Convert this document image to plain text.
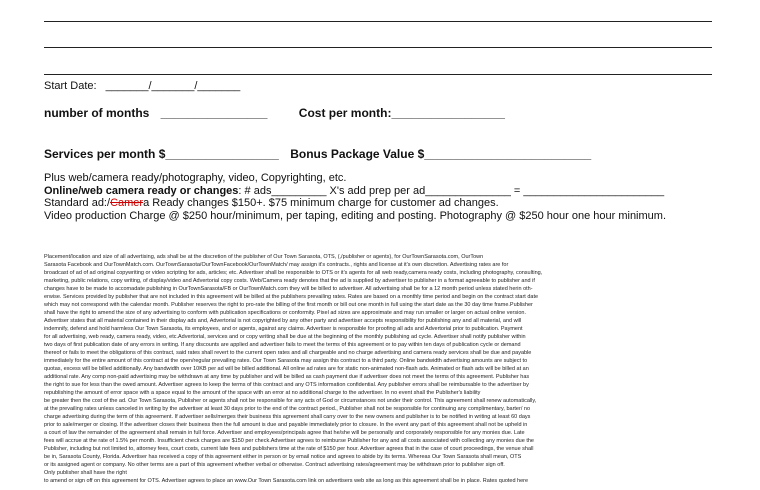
Start Date: _______/_______/_______
number of months ________________	Cost per month:_________________
Services per month $_________________ Bonus Package Value $_________________________
Plus web/camera ready/photography, video, Copyrighting, etc.
Online/web camera ready or changes: # ads_________ X's add prep per ad______________ = _______________________
Standard ad:/Camera Ready changes $150+. $75 minimum charge for customer ad changes.
Video production Charge @ $250 hour/minimum, per taping, editing and posting. Photography @ $250 hour one hour minimum.
Placement/location and size of all advertising, ads shall be at the discretion of the publisher of Our Town Sarasota, OTS, (,/publisher or agents), for OurTownSarasota.com, OurTown
Sarasota Facebook and OurTownMatch.com. OurTownSarasota/OurTownFacebook/OurTownMatch/ may assign it's contracts., rights and license at it's own discretion. Advertising rates are for
broadcast of ad of ad original copywriting or video scripting for ads, articles; etc. Advertiser shall be responsible to OTS or it's agents for all web ready,camera ready costs, including photography, consulting,
marketing, public relations, copy writing, of display/video and Advertorial copy costs. Web/Camera ready denotes that the ad is supplied by advertiser to publisher in a format agreeable to publisher and if
changes have to be made to accomadate publishing in OurTownSarasota/FB or OurTownMatch.com they will be billed to advertiser. All advertising shall be for a 12 month period unless stated herin oth-
erwise. Services provided by publisher that are not included in this agreement will be billed at the publishers prevailing rates. Rates are based on a monthly time period and begin on the contract start date
which may not correspond with the calendar month. Publisher reserves the right to pro-rate the billing of the first month or bill out one month in full using the start date as the 30 day time frame.Publisher
shall have the right to amend the size of any advertising to conform with publication specifications or conformity. Pixel ad sizes are approximate and may run smaller or larger on actual online version.
Advertiser states that all material contained in their display ads and, Advertorial is not copyrighted by any other party and advertiser accepts responsibility for publishing any and all material, and will
indemnify, defend and hold harmless Our Town Sarasota, its employees, and or agents, against any claims. Advertiser is responsible for proofing all ads and Advertorial prior to publication. Payment
for all advertising, web ready, camera ready, video, etc.Advertorial, services and or copy writing shall be due at the beginning of the monthly publishing ad cycle. Advertiser shall notify publisher within
two days of first publication date of any errors in writing. If any discounts are applied and advertiser fails to meet the terms of this agreement or to pay within ten days of publication cycle or demand
thereof or fails to meet the obligations of this contract, said rates shall revert to the current open rates and all chargeable and no charge advertising and camera ready services shall be due and payable
immediately for the entire amount of this contract at the open/regular prevailing rates. Our Town Sarasota may assign this contract to a third party. Online bandwidth advertising amounts are subject to
quotas, excess will be billed additionally. Any bandwidth over 10KB per ad will be billed additional. All online ad rates are for static non-animated non-flash ads. Animated or flash ads will be billed at an
additional rate. Any comp non-paid advertising may be withdrawn at any time by publisher and will be billed as cash payment due if advertiser does not meet the terms of this agreement. Publisher has
the right to sue for less than the owed amount. Advertiser agrees to keep the terms of this contract and any OTS information confidential. Any publisher errors shall be reimbursable to the advertiser by
republishing the amount of error space with a space equal to the amount of the space with an error at no additional charge to the advertiser. In no event shall the Publisher's liability
be greater then the cost of the ad. Our Town Sarasota, Publisher or agents shall not be responsible for any acts of God or circumstances not under their control. This agreement shall renew automatically,
at the prevailing rates unless canceled in writing by the advertiser at least 30 days prior to the end of the contract period., Publisher shall not be responsible for continuing any complimentary, barter/ no
charge advertising during the term of this agreement. If advertiser sells/merges their business this agreement shall carry over to the new owners and publisher is to be notified in writing at least 60 days
prior to sale/merger or closing. If the advertiser closes their business then the full amount is due and payable immediately prior to closure. In the event any part of this agreement shall not be upheld in
a court of law the remainder of the agreement shall remain in full force. Advertiser and employees/principals agree that he/she will be personally and corporately responsible for any monies due. Late
fees will accrue at the rate of 1.5% per month. Insufficient check charges are $150 per check.Advertiser agrees to reimburse Publisher for any and all costs associated with collecting any monies due the
Publisher, including but not limited to, attorney fees, court costs, current late fees and publishers time at the rate of $150 per hour. Advertiser agrees that in the case of court proceedings, the venue shall
be in, Sarasota County, Florida. Advertiser has received a copy of this agreement either in person or by email notice and agrees to abide by its terms. Whereas Our Town Sarasota shall mean, OTS
or its assigned agent or company. No other terms are a part of this agreement whether verbal or otherwise. Contract advertising rates/agreement may be withdrawn prior to publisher sign off.
Only publisher shall have the right
to amend or sign off on this agreement for OTS. Advertiser agrees to place an www.Our Town Sarasota.com link on advertisers web site as long as this agreement shall be in place. Rates quoted here
